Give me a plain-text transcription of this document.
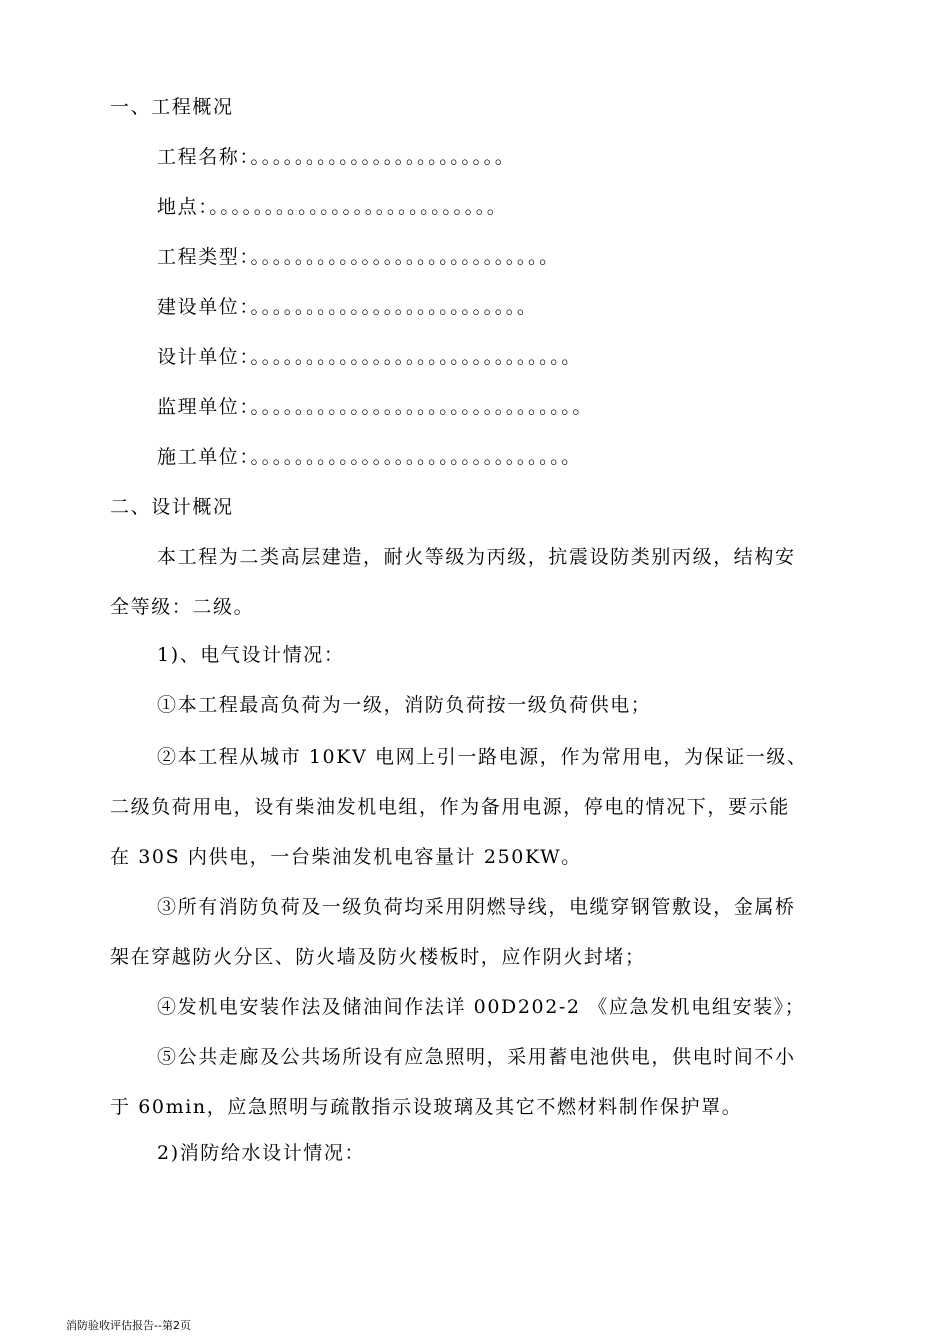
一、工程概况
工程名称：。。。。。。。。。。。。。。。。。。。。。。。
地点：。。。。。。。。。。。。。。。。。。。。。。。。。。
工程类型：。。。。。。。。。。。。。。。。。。。。。。。。。。。
建设单位：。。。。。。。。。。。。。。。。。。。。。。。。。
设计单位：。。。。。。。。。。。。。。。。。。。。。。。。。。。。。
监理单位：。。。。。。。。。。。。。。。。。。。。。。。。。。。。。。
施工单位：。。。。。。。。。。。。。。。。。。。。。。。。。。。。。
二、设计概况
本工程为二类高层建造，耐火等级为丙级，抗震设防类别丙级，结构安
全等级：二级。
1)、电气设计情况：
①本工程最高负荷为一级，消防负荷按一级负荷供电；
②本工程从城市 10KV 电网上引一路电源，作为常用电，为保证一级、
二级负荷用电，设有柴油发机电组，作为备用电源，停电的情况下，要示能
在 30S 内供电，一台柴油发机电容量计 250KW。
③所有消防负荷及一级负荷均采用阴燃导线，电缆穿钢管敷设，金属桥
架在穿越防火分区、防火墙及防火楼板时，应作阴火封堵；
④发机电安装作法及储油间作法详 00D202-2 《应急发机电组安装》；
⑤公共走廊及公共场所设有应急照明，采用蓄电池供电，供电时间不小
于 60min，应急照明与疏散指示设玻璃及其它不燃材料制作保护罩。
2)消防给水设计情况：
消防验收评估报告--第2页
